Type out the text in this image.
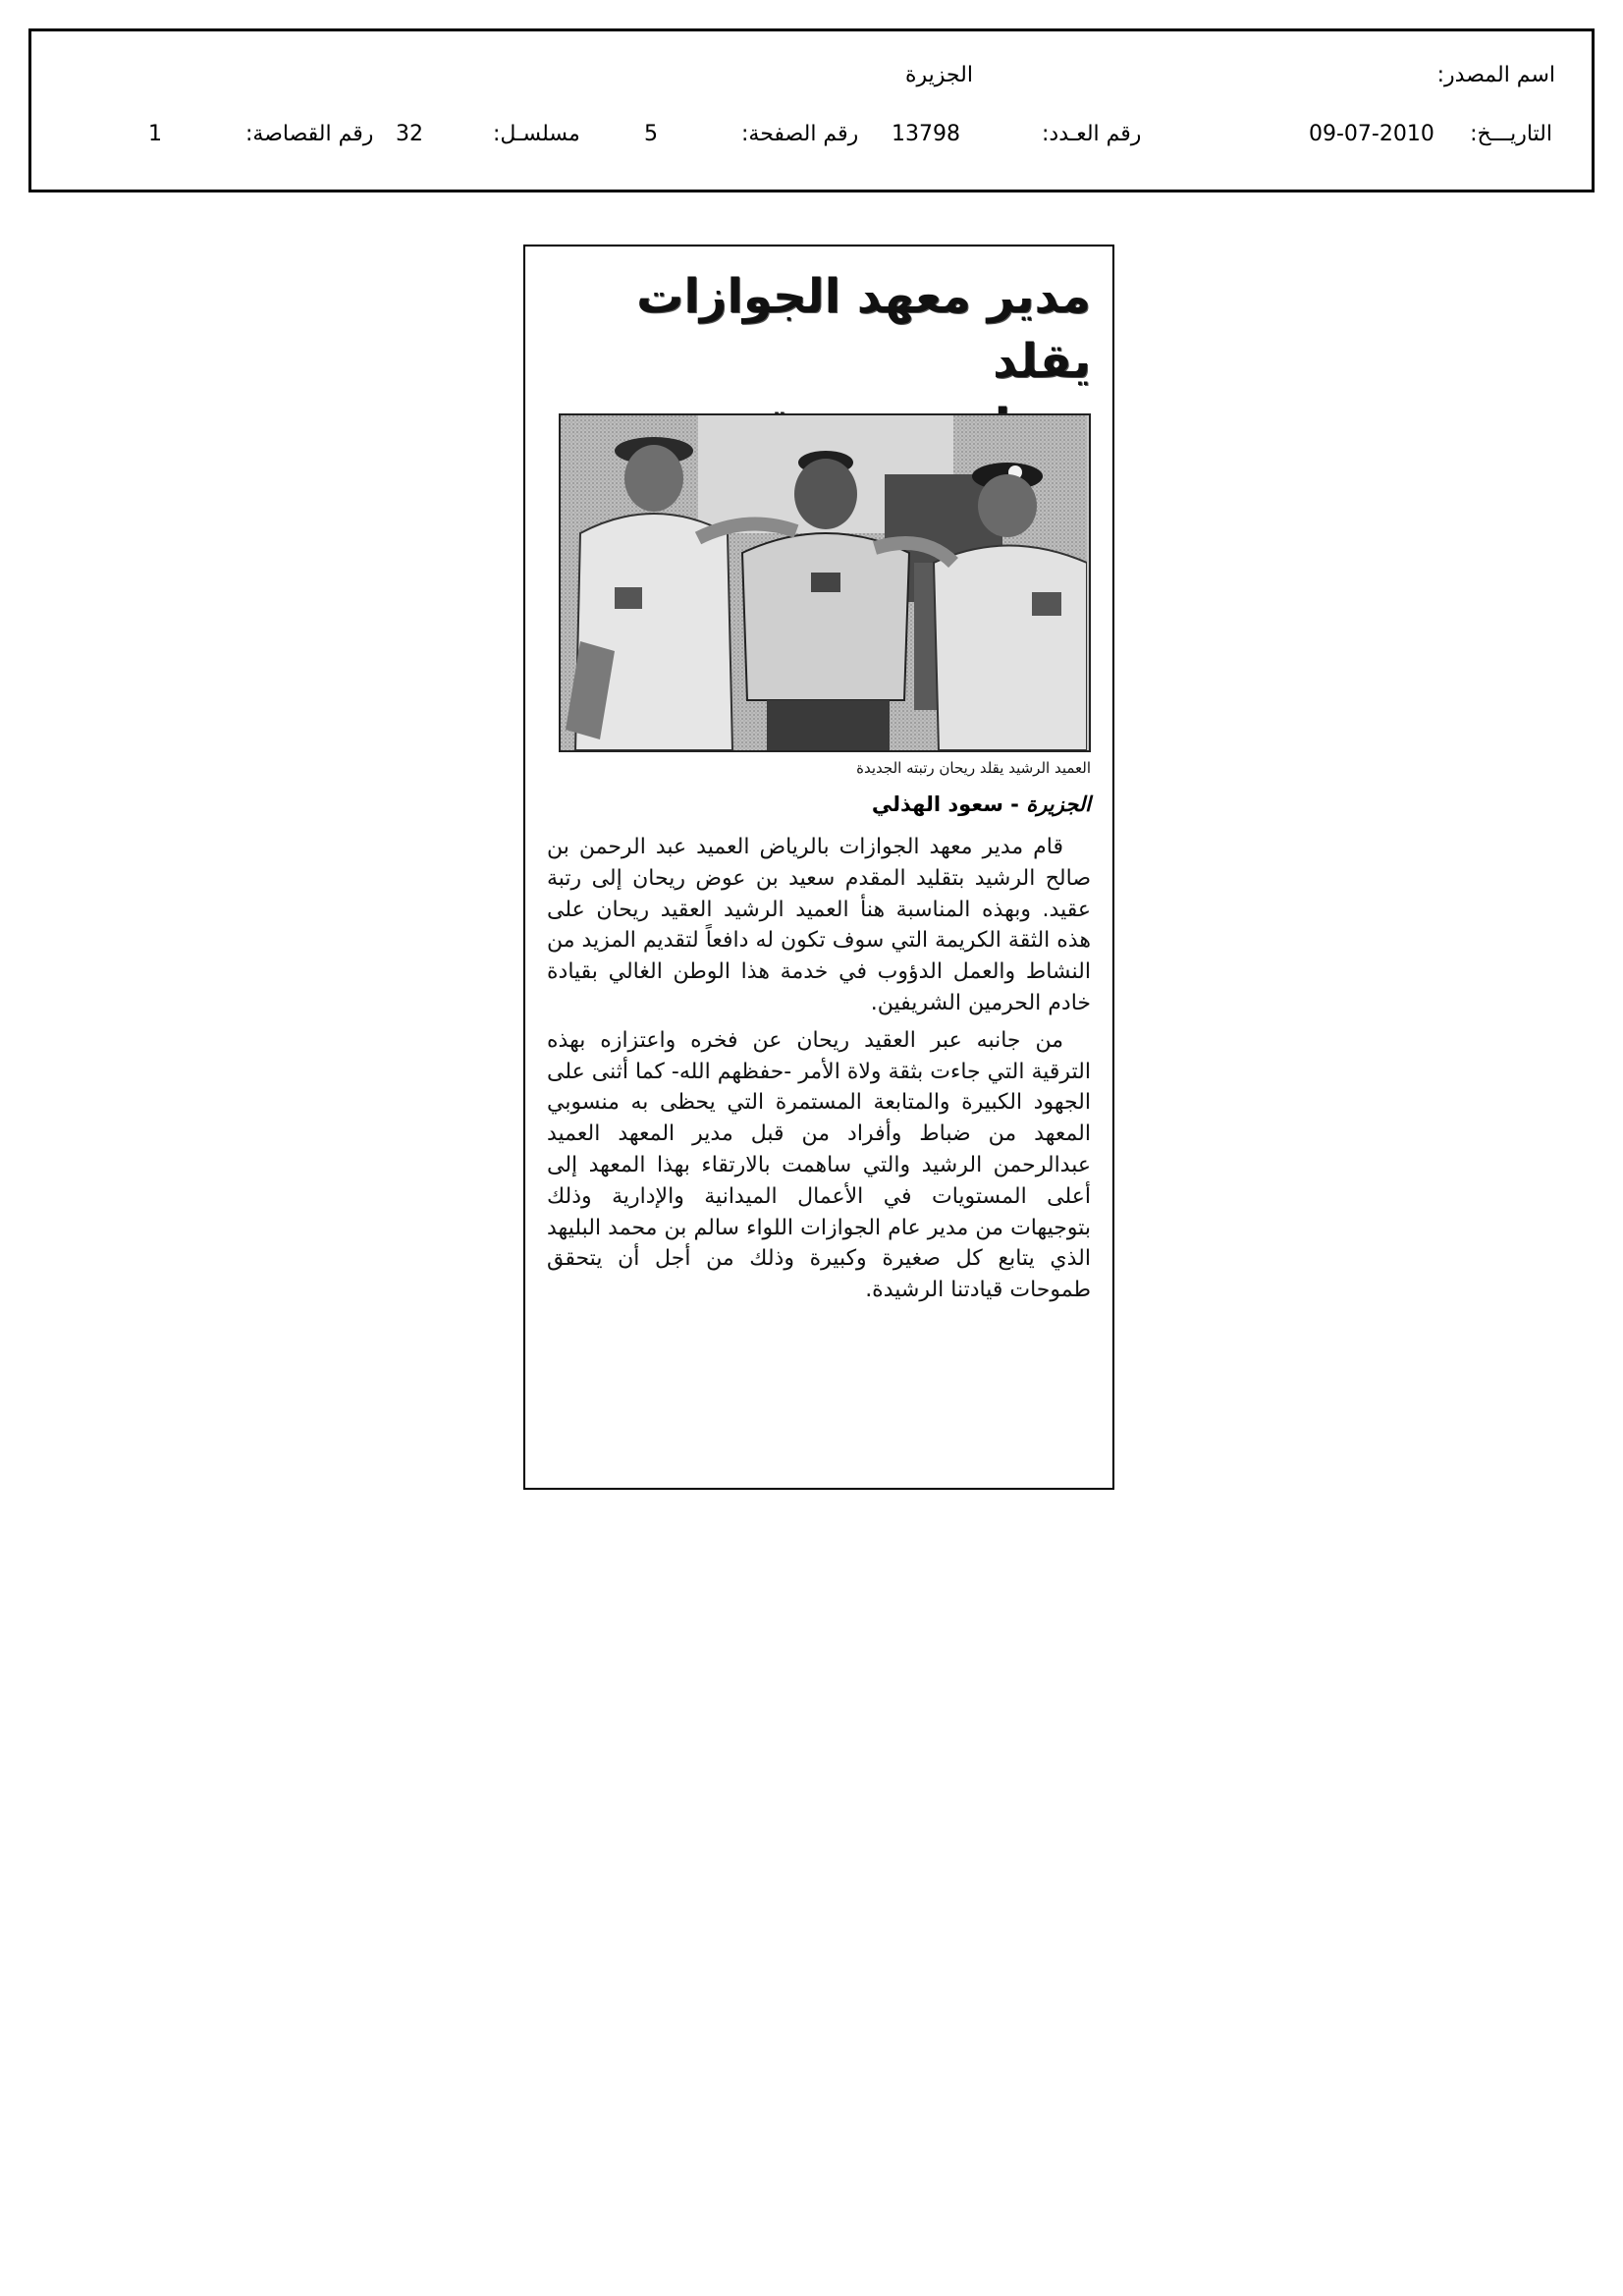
اسم المصدر:
الجزيرة
التاريـــخ:
09-07-2010
رقم العـدد:
13798
رقم الصفحة:
5
مسلسـل:
32
رقم القصاصة:
1
مدير معهد الجوازات يقلد
العميد الرشيد يقلد ريحان رتبته الجديدة
الجزيرة - سعود الهذلي

قام مدير معهد الجوازات بالرياض العميد عبد الرحمن بن صالح الرشيد بتقليد المقدم سعيد بن عوض ريحان إلى رتبة عقيد. وبهذه المناسبة هنأ العميد الرشيد العقيد ريحان على هذه الثقة الكريمة التي سوف تكون له دافعاً لتقديم المزيد من النشاط والعمل الدؤوب في خدمة هذا الوطن الغالي بقيادة خادم الحرمين الشريفين.

من جانبه عبر العقيد ريحان عن فخره واعتزازه بهذه الترقية التي جاءت بثقة ولاة الأمر -حفظهم الله- كما أثنى على الجهود الكبيرة والمتابعة المستمرة التي يحظى به منسوبي المعهد من ضباط وأفراد من قبل مدير المعهد العميد عبدالرحمن الرشيد والتي ساهمت بالارتقاء بهذا المعهد إلى أعلى المستويات في الأعمال الميدانية والإدارية وذلك بتوجيهات من مدير عام الجوازات اللواء سالم بن محمد البليهد الذي يتابع كل صغيرة وكبيرة وذلك من أجل أن يتحقق طموحات قيادتنا الرشيدة.
